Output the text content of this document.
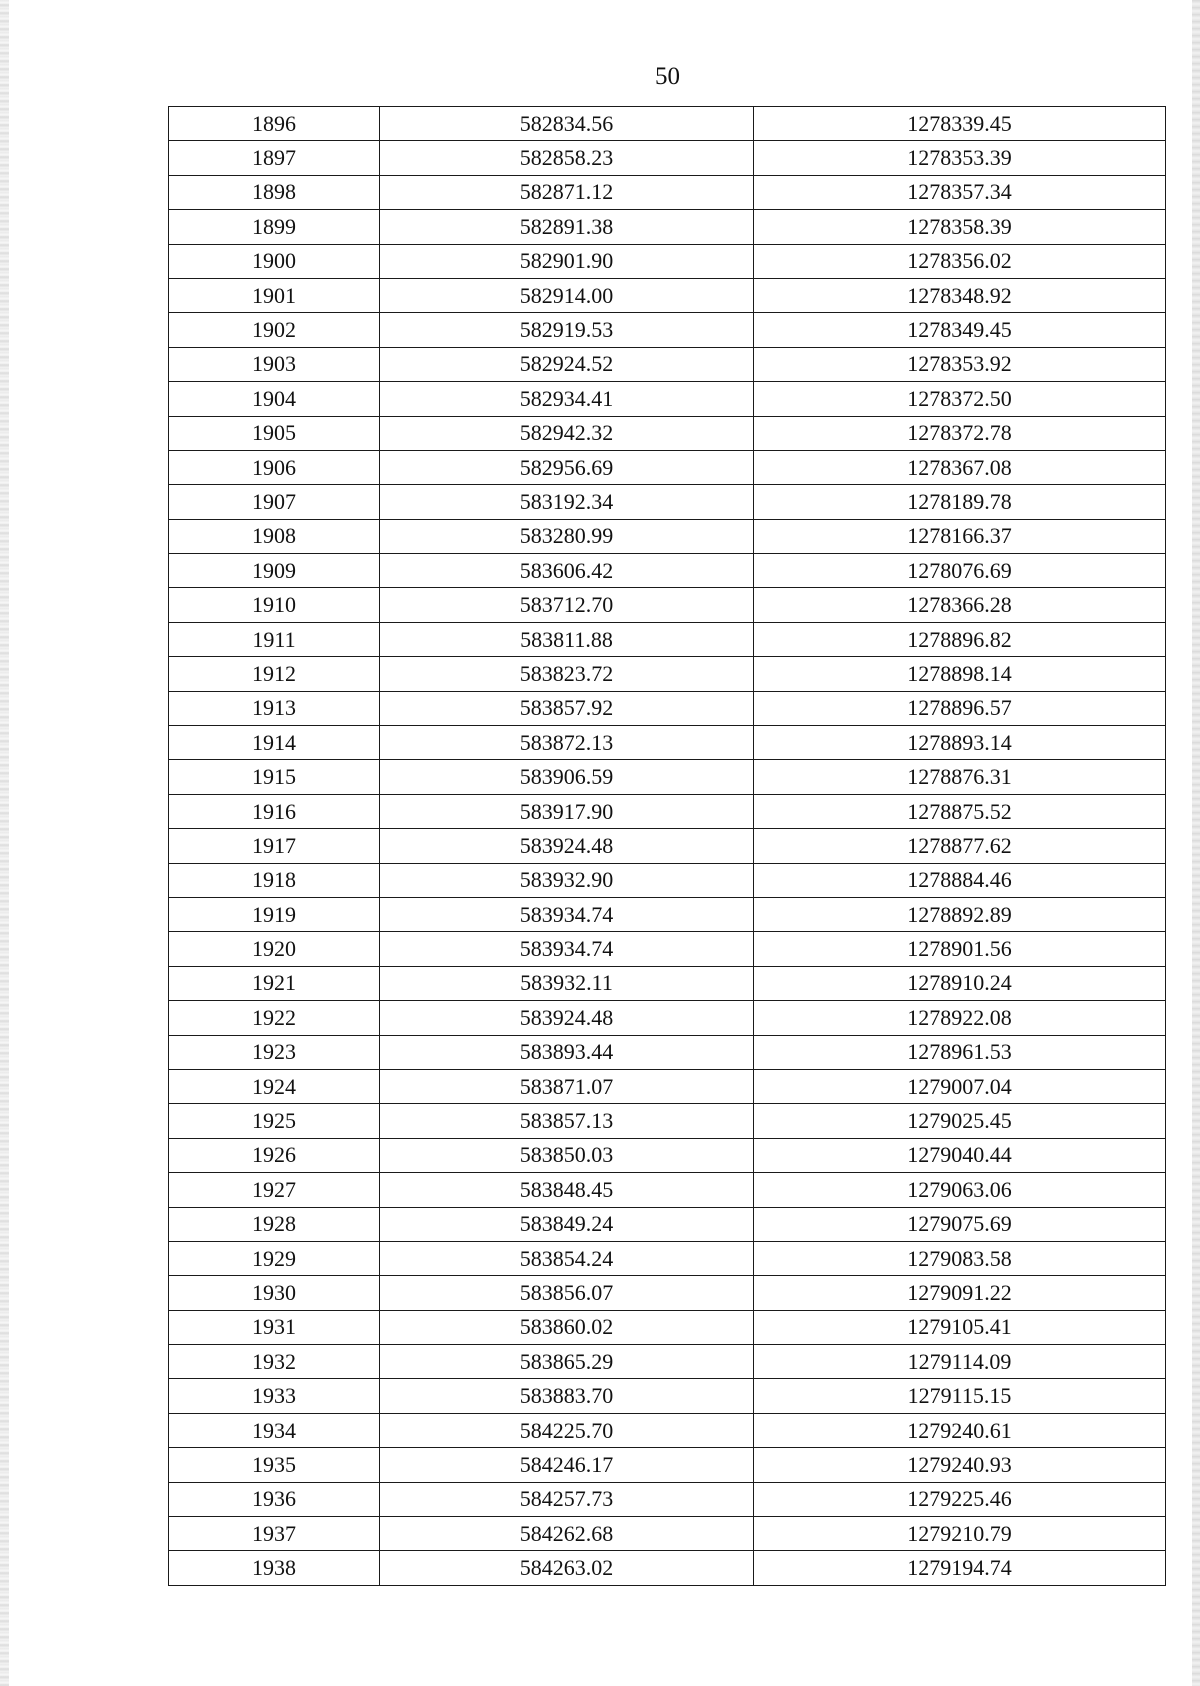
50
1896	582834.56	1278339.45
1897	582858.23	1278353.39
1898	582871.12	1278357.34
1899	582891.38	1278358.39
1900	582901.90	1278356.02
1901	582914.00	1278348.92
1902	582919.53	1278349.45
1903	582924.52	1278353.92
1904	582934.41	1278372.50
1905	582942.32	1278372.78
1906	582956.69	1278367.08
1907	583192.34	1278189.78
1908	583280.99	1278166.37
1909	583606.42	1278076.69
1910	583712.70	1278366.28
1911	583811.88	1278896.82
1912	583823.72	1278898.14
1913	583857.92	1278896.57
1914	583872.13	1278893.14
1915	583906.59	1278876.31
1916	583917.90	1278875.52
1917	583924.48	1278877.62
1918	583932.90	1278884.46
1919	583934.74	1278892.89
1920	583934.74	1278901.56
1921	583932.11	1278910.24
1922	583924.48	1278922.08
1923	583893.44	1278961.53
1924	583871.07	1279007.04
1925	583857.13	1279025.45
1926	583850.03	1279040.44
1927	583848.45	1279063.06
1928	583849.24	1279075.69
1929	583854.24	1279083.58
1930	583856.07	1279091.22
1931	583860.02	1279105.41
1932	583865.29	1279114.09
1933	583883.70	1279115.15
1934	584225.70	1279240.61
1935	584246.17	1279240.93
1936	584257.73	1279225.46
1937	584262.68	1279210.79
1938	584263.02	1279194.74
